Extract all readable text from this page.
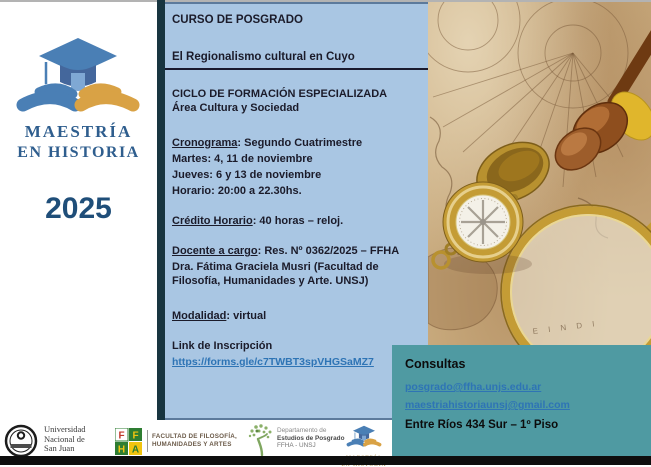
MAESTRÍA
EN HISTORIA
2025
CURSO DE POSGRADO
El Regionalismo cultural en Cuyo
CICLO DE FORMACIÓN ESPECIALIZADA
Área Cultura y Sociedad
Cronograma: Segundo Cuatrimestre
Martes: 4, 11 de noviembre
Jueves: 6 y 13 de noviembre
Horario: 20:00 a 22.30hs.
Crédito Horario: 40 horas – reloj.
Docente a cargo: Res. Nº 0362/2025 – FFHA
Dra. Fátima Graciela Musri (Facultad de
Filosofía, Humanidades y Arte. UNSJ)
Modalidad: virtual
Link de Inscripción
https://forms.gle/c7TWBT3spVHGSaMZ7
E I N D I
Consultas
posgrado@ffha.unjs.edu.ar
maestriahistoriaunsj@gmail.com
Entre Ríos 434 Sur – 1º Piso
Universidad
Nacional de
San Juan
F F
H A
FACULTAD DE FILOSOFÍA,
HUMANIDADES Y ARTES
Departamento de
Estudios de Posgrado
FFHA - UNSJ
